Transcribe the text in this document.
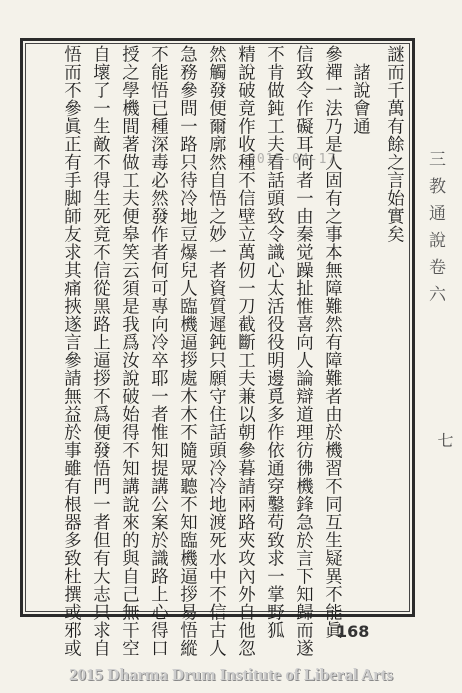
謎而千萬有餘之言始實矣
　諸說會通
參禪一法乃是人固有之事本無障難然有障難者由於機習不同互生疑異不能眞
信致令作礙耳何者一由秦觉躁扯惟喜向人論辯道理彷彿機鋒急於言下知歸而遂
不肯做鈍工夫看話頭致令識心太活役役明邊覓多作依通穿鑿苟致求一掌野狐
精說破竟作收種不信壁立萬仞一刀截斷工夫兼以朝參暮請兩路夾攻內外自他忽
然觸發便爾廓然自悟之妙一者資質遲鈍只願守住話頭冷冷地渡死水中不信古人
急務參問一路只待冷地豆爆兒人臨機逼拶處木木不隨眾聽不知臨機逼拶易悟縱
不能悟已種深毒必然發作者何可專向冷卒耶一者惟知提講公案於識路上心得口
授之學機間著做工夫便皋笑云須是我爲汝說破始得不知講說來的與自己無干空
自壞了一生敵不得生死竟不信從黑路上逼拶不爲便發悟門一者但有大志只求自
悟而不參眞正有手脚師友求其痛挾遂言參請無益於事雖有根器多致杜撰或邪或	三教通說卷六
七
2015-04-17
168
2015 Dharma Drum Institute of Liberal Arts
